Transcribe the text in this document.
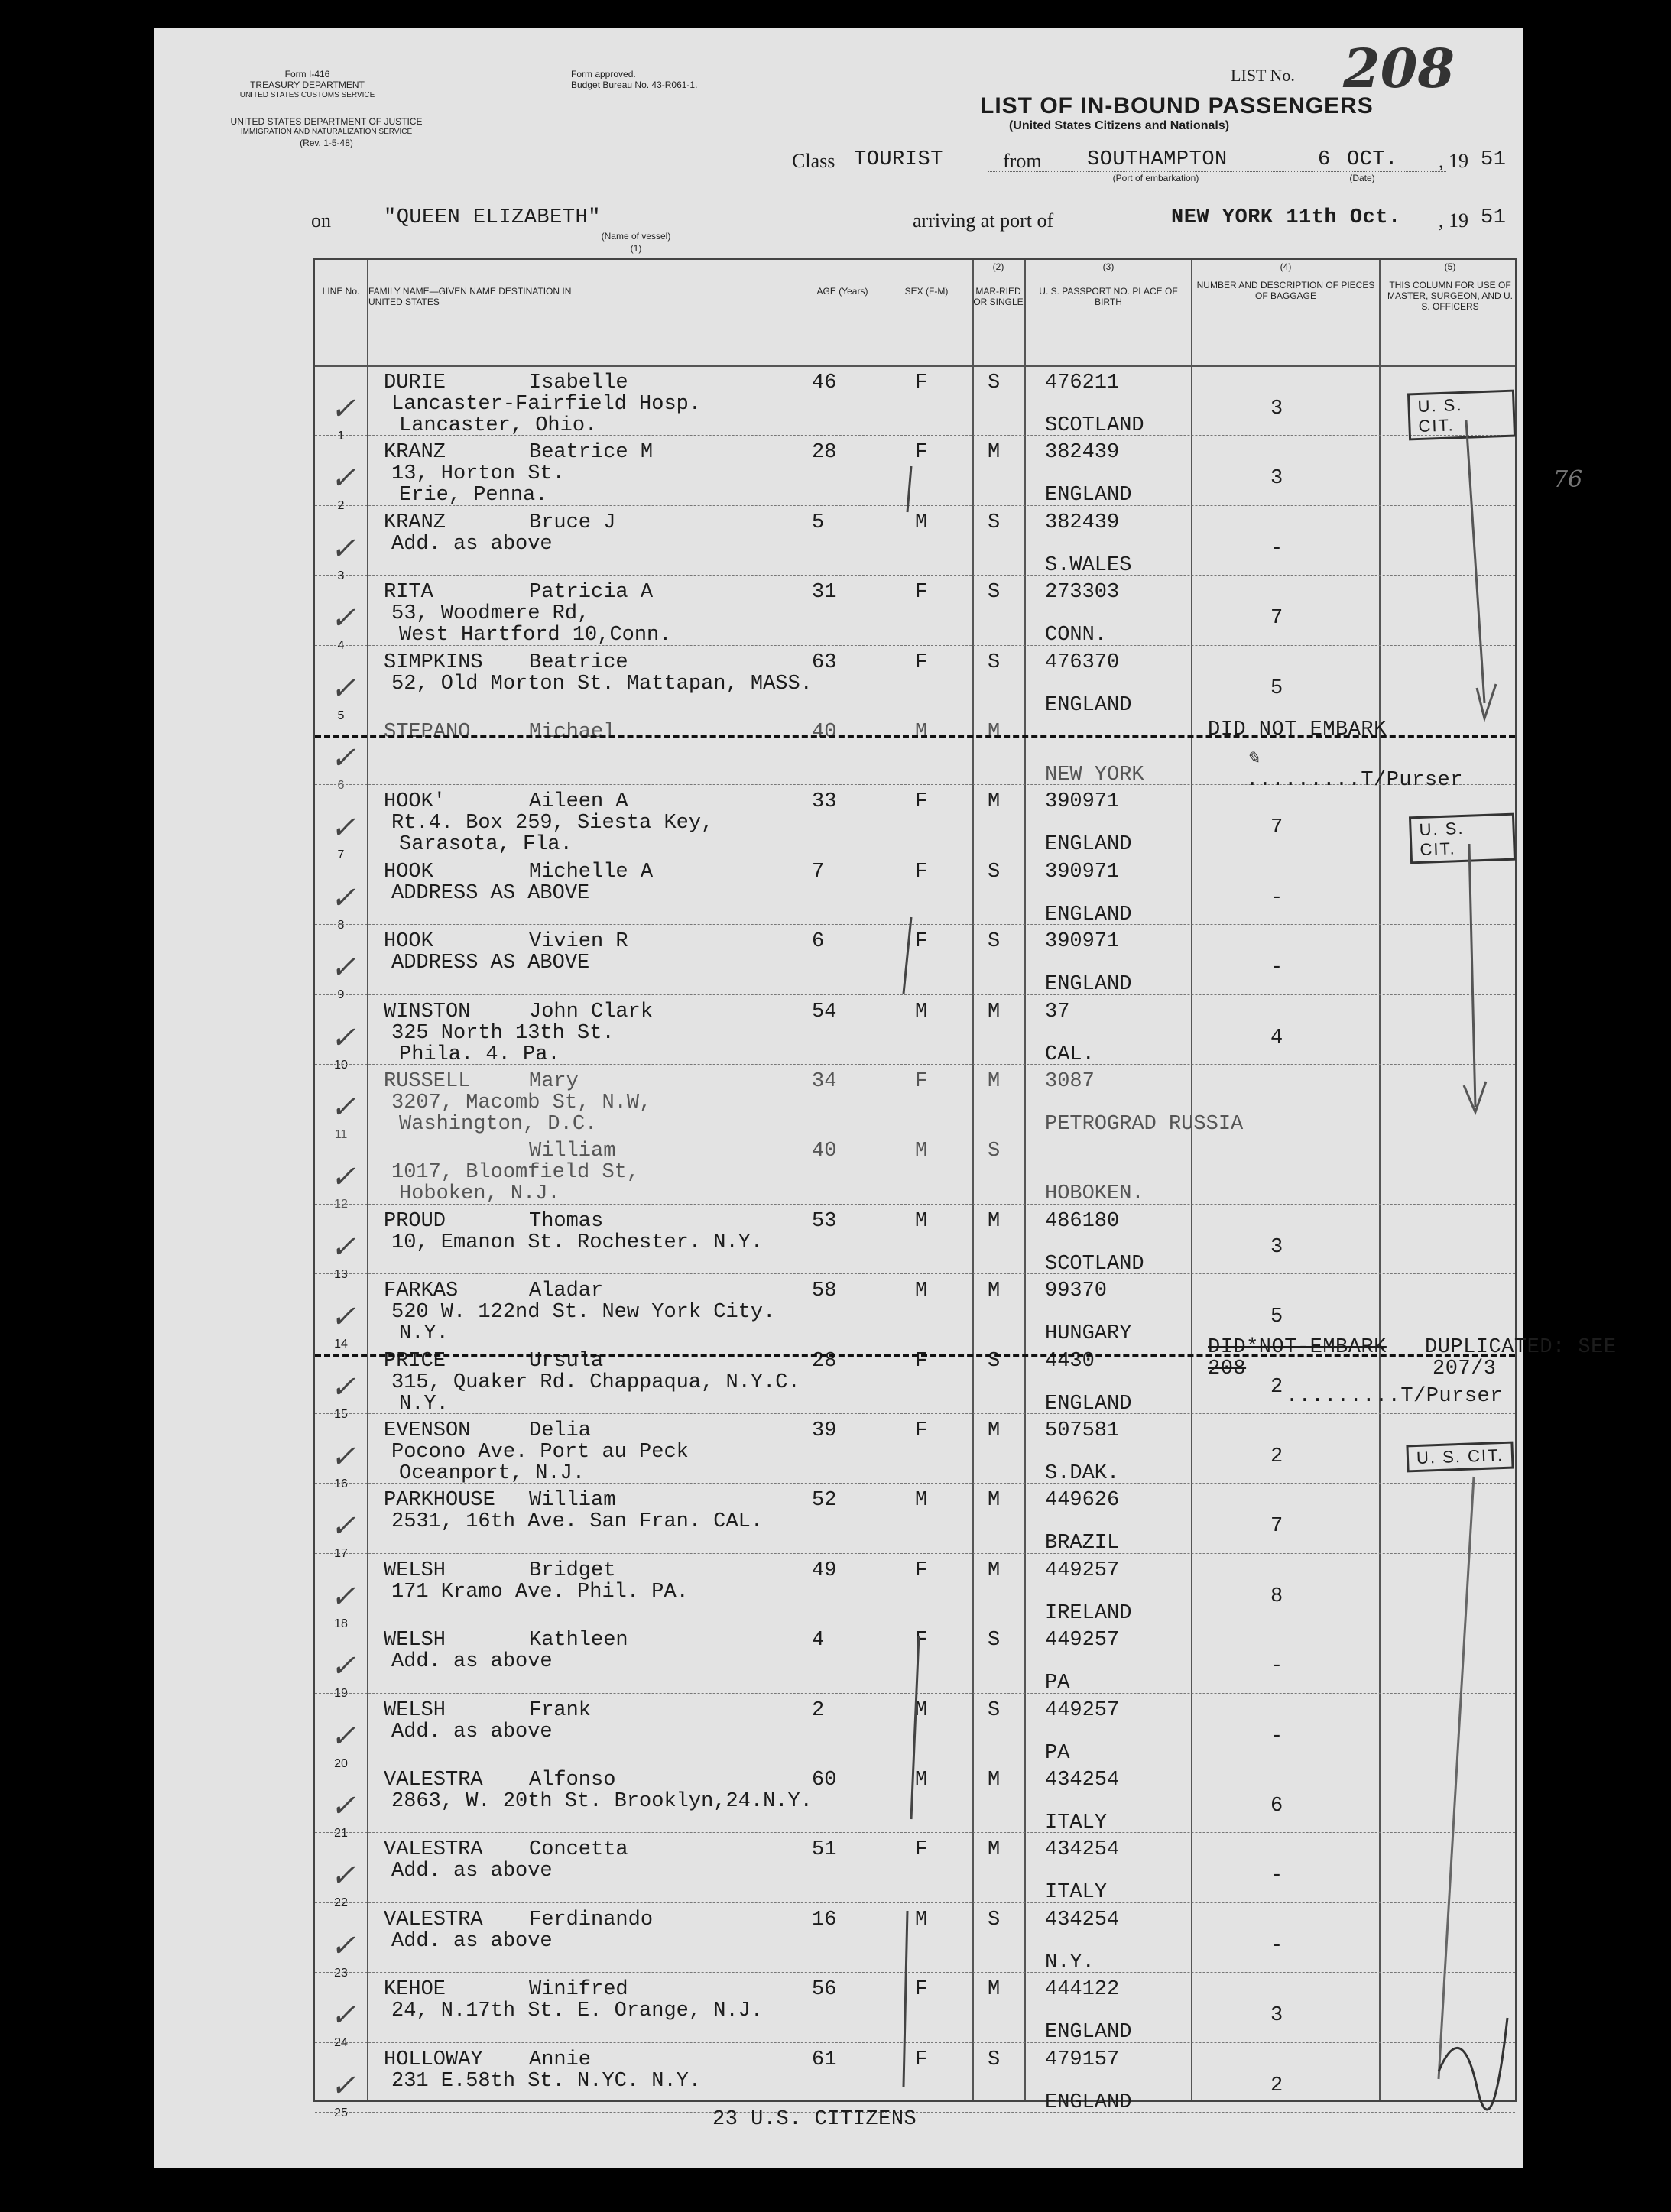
Form I-416
TREASURY DEPARTMENT
UNITED STATES CUSTOMS SERVICE
UNITED STATES DEPARTMENT OF JUSTICE
IMMIGRATION AND NATURALIZATION SERVICE
(Rev. 1-5-48)
Form approved.
Budget Bureau No. 43-R061-1.	LIST No. 208
LIST OF IN-BOUND PASSENGERS
(United States Citizens and Nationals)
Class TOURIST	from SOUTHAMPTON
(Port of embarkation)
6 OCT.
(Date)
, 19 51
on	"QUEEN ELIZABETH"
(Name of vessel)
(1)
arriving at port of	NEW YORK 11th Oct. , 19 51
LINE No. FAMILY NAME—GIVEN NAME DESTINATION IN UNITED STATES
AGE (Years)	SEX (F-M)	MAR-RIED OR SINGLE
U. S. PASSPORT NO. PLACE OF BIRTH
NUMBER AND DESCRIPTION OF PIECES OF BAGGAGE
THIS COLUMN FOR USE OF MASTER, SURGEON, AND U. S. OFFICERS
(2)	(3)	(4)	(5)
1
DURIE	Isabelle	46	F	S
Lancaster-Fairfield Hosp.
Lancaster, Ohio.
476211
SCOTLAND
3
✓
2
KRANZ	Beatrice M	28	F	M
13, Horton St.
Erie, Penna.
382439
ENGLAND
3
✓
3
KRANZ	Bruce J	5	M	S
Add. as above
382439
S.WALES
-
✓
4
RITA	Patricia A	31	F	S
53, Woodmere Rd,
West Hartford 10,Conn.
273303
CONN.
7
✓
5
SIMPKINS Beatrice	63	F	S
52, Old Morton St. Mattapan, MASS.
476370
ENGLAND
5
✓
6
STEPANO	Michael	40	M	M
NEW YORK
✓
7
HOOK'	Aileen A	33	F	M
Rt.4. Box 259, Siesta Key,
Sarasota, Fla.
390971
ENGLAND
7
✓
8
HOOK	Michelle A	7	F	S
ADDRESS AS ABOVE
390971
ENGLAND
-
✓
9
HOOK	Vivien R	6	F	S
ADDRESS AS ABOVE
390971
ENGLAND
-
✓
10
WINSTON	John Clark	54	M	M
325 North 13th St.
Phila. 4. Pa.
37
CAL.
4
✓
11
RUSSELL	Mary	34	F	M
3207, Macomb St, N.W,
Washington, D.C.
3087
PETROGRAD RUSSIA
✓
12
William	40	M	S
1017, Bloomfield St,
Hoboken, N.J.	HOBOKEN.
✓
13
PROUD	Thomas	53	M	M
10, Emanon St. Rochester. N.Y.
486180
SCOTLAND
3
✓
14
FARKAS	Aladar	58	M	M
520 W. 122nd St. New York City.
N.Y.
99370
HUNGARY
5
✓
15
PRICE	Ursula	28	F	S
315, Quaker Rd. Chappaqua, N.Y.C.
N.Y.
4430
ENGLAND
2
✓
16
EVENSON	Delia	39	F	M
Pocono Ave. Port au Peck
Oceanport, N.J.
507581
S.DAK.
2
✓
17
PARKHOUSE William	52	M	M
2531, 16th Ave. San Fran. CAL.
449626
BRAZIL
7
✓
18
WELSH	Bridget	49	F	M
171 Kramo Ave. Phil. PA.
449257
IRELAND
8
✓
19
WELSH	Kathleen	4	F	S
Add. as above
449257
PA
-
✓
20
WELSH	Frank	2	M	S
Add. as above
449257
PA
-
✓
21
VALESTRA Alfonso	60	M	M
2863, W. 20th St. Brooklyn,24.N.Y.
434254
ITALY
6
✓
22
VALESTRA Concetta	51	F	M
Add. as above
434254
ITALY
-
✓
23
VALESTRA Ferdinando	16	M	S
Add. as above
434254
N.Y.
-
✓
24
KEHOE	Winifred	56	F	M
24, N.17th St. E. Orange, N.J.
444122
ENGLAND
3
✓
25
HOLLOWAY Annie	61	F	S
231 E.58th St. N.YC. N.Y.
479157
ENGLAND
2
✓
DID NOT EMBARK
✎
.........T/Purser
DID*NOT-EMBARK
208
DUPLICATED: SEE
207/3
.........T/Purser
U. S. CIT.
U. S. CIT.
U. S. CIT.
76
23 U.S. CITIZENS
